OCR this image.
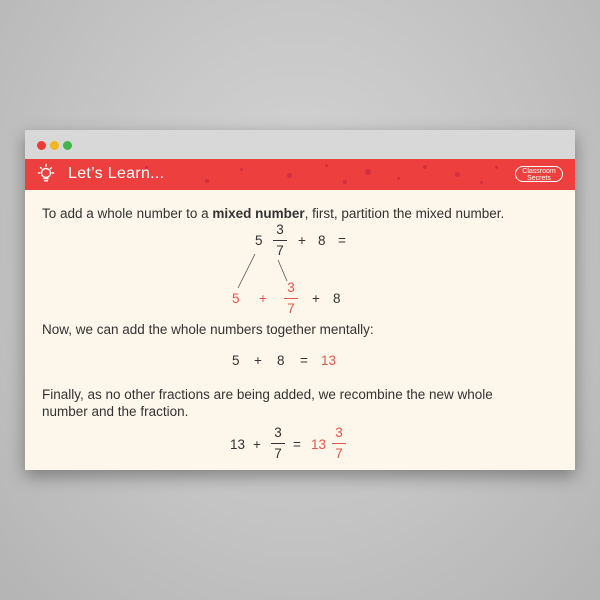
Let’s Learn...	Classroom
Secrets
To add a whole number to a mixed number, first, partition the mixed number.
5
3
7
+ 8 =
5 +
3
7
+ 8
Now, we can add the whole numbers together mentally:
5 + 8 = 13
Finally, as no other fractions are being added, we recombine the new whole number and the fraction.
13 +
3
7
= 13
3
7
